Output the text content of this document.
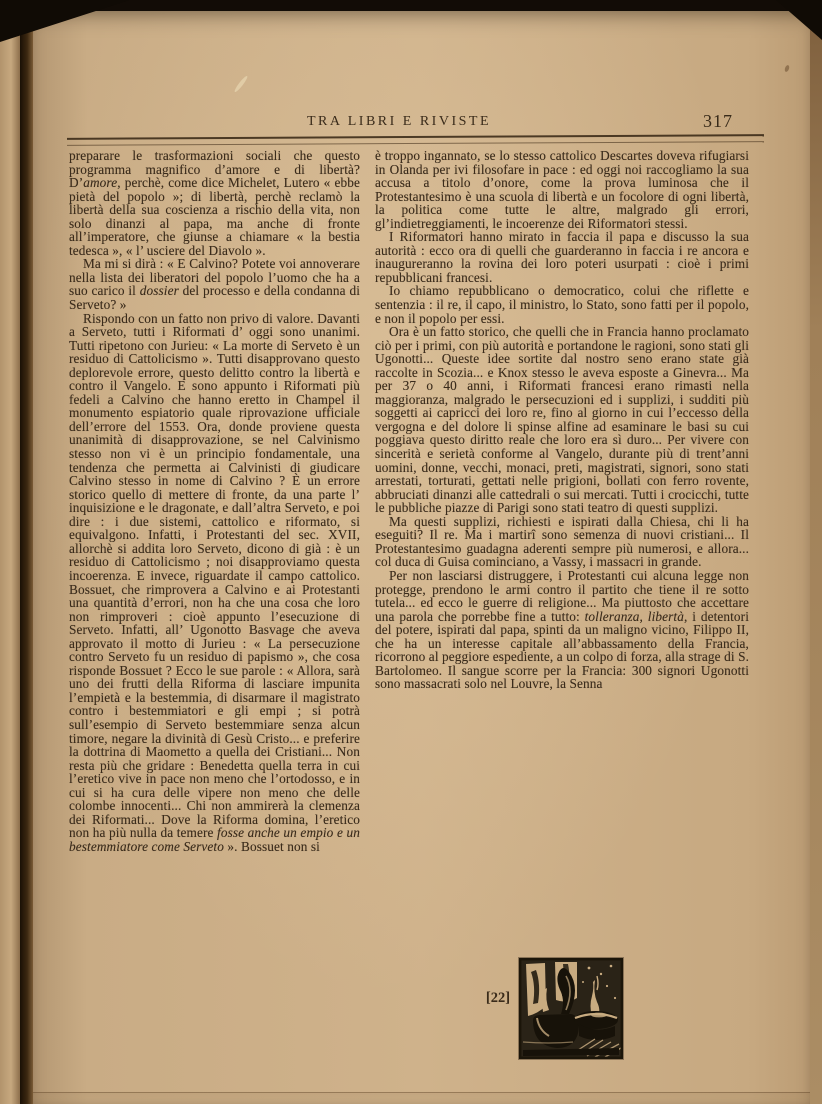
TRA LIBRI E RIVISTE	317

preparare le trasformazioni sociali che questo programma magnifico d’amore e di libertà? D’amore, perchè, come dice Michelet, Lutero « ebbe pietà del popolo »; di libertà, perchè reclamò la libertà della sua coscienza a rischio della vita, non solo dinanzi al papa, ma anche di fronte all’imperatore, che giunse a chiamare « la bestia tedesca », « l’ usciere del Diavolo ».

Ma mi si dirà : « E Calvino? Potete voi annoverare nella lista dei liberatori del popolo l’uomo che ha a suo carico il dossier del processo e della condanna di Serveto? »

Rispondo con un fatto non privo di valore. Davanti a Serveto, tutti i Riformati d’ oggi sono unanimi. Tutti ripetono con Jurieu: « La morte di Serveto è un residuo di Cattolicismo ». Tutti disapprovano questo deplorevole errore, questo delitto contro la libertà e contro il Vangelo. E sono appunto i Riformati più fedeli a Calvino che hanno eretto in Champel il monumento espiatorio quale riprovazione ufficiale dell’errore del 1553. Ora, donde proviene questa unanimità di disapprovazione, se nel Calvinismo stesso non vi è un principio fondamentale, una tendenza che permetta ai Calvinisti di giudicare Calvino stesso in nome di Calvino ? È un errore storico quello di mettere di fronte, da una parte l’ inquisizione e le dragonate, e dall’altra Serveto, e poi dire : i due sistemi, cattolico e riformato, si equivalgono. Infatti, i Protestanti del sec. XVII, allorchè si addita loro Serveto, dicono di già : è un residuo di Cattolicismo ; noi disapproviamo questa incoerenza. E invece, riguardate il campo cattolico. Bossuet, che rimprovera a Calvino e ai Protestanti una quantità d’errori, non ha che una cosa che loro non rimproveri : cioè appunto l’esecuzione di Serveto. Infatti, all’ Ugonotto Basvage che aveva approvato il motto di Jurieu : « La persecuzione contro Serveto fu un residuo di papismo », che cosa risponde Bossuet ? Ecco le sue parole : « Allora, sarà uno dei frutti della Riforma di lasciare impunita l’empietà e la bestemmia, di disarmare il magistrato contro i bestemmiatori e gli empi ; si potrà sull’esempio di Serveto bestemmiare senza alcun timore, negare la divinità di Gesù Cristo... e preferire la dottrina di Maometto a quella dei Cristiani... Non resta più che gridare : Benedetta quella terra in cui l’eretico vive in pace non meno che l’ortodosso, e in cui si ha cura delle vipere non meno che delle colombe innocenti... Chi non ammirerà la clemenza dei Riformati... Dove la Riforma domina, l’eretico non ha più nulla da temere fosse anche un empio e un bestemmiatore come Serveto ». Bossuet non si

è troppo ingannato, se lo stesso cattolico Descartes doveva rifugiarsi in Olanda per ivi filosofare in pace : ed oggi noi raccogliamo la sua accusa a titolo d’onore, come la prova luminosa che il Protestantesimo è una scuola di libertà e un focolore di ogni libertà, la politica come tutte le altre, malgrado gli errori, gl’indietreggiamenti, le incoerenze dei Riformatori stessi.

I Riformatori hanno mirato in faccia il papa e discusso la sua autorità : ecco ora di quelli che guarderanno in faccia i re ancora e inaugureranno la rovina dei loro poteri usurpati : cioè i primi repubblicani francesi.

Io chiamo repubblicano o democratico, colui che riflette e sentenzia : il re, il capo, il ministro, lo Stato, sono fatti per il popolo, e non il popolo per essi.

Ora è un fatto storico, che quelli che in Francia hanno proclamato ciò per i primi, con più autorità e portandone le ragioni, sono stati gli Ugonotti... Queste idee sortite dal nostro seno erano state già raccolte in Scozia... e Knox stesso le aveva esposte a Ginevra... Ma per 37 o 40 anni, i Riformati francesi erano rimasti nella maggioranza, malgrado le persecuzioni ed i supplizi, i sudditi più soggetti ai capricci dei loro re, fino al giorno in cui l’eccesso della vergogna e del dolore li spinse alfine ad esaminare le basi su cui poggiava questo diritto reale che loro era sì duro... Per vivere con sincerità e serietà conforme al Vangelo, durante più di trent’anni uomini, donne, vecchi, monaci, preti, magistrati, signori, sono stati arrestati, torturati, gettati nelle prigioni, bollati con ferro rovente, abbruciati dinanzi alle cattedrali o sui mercati. Tutti i crocicchi, tutte le pubbliche piazze di Parigi sono stati teatro di questi supplizi.

Ma questi supplizi, richiesti e ispirati dalla Chiesa, chi li ha eseguiti? Il re. Ma i martirî sono semenza di nuovi cristiani... Il Protestantesimo guadagna aderenti sempre più numerosi, e allora... col duca di Guisa cominciano, a Vassy, i massacri in grande.

Per non lasciarsi distruggere, i Protestanti cui alcuna legge non protegge, prendono le armi contro il partito che tiene il re sotto tutela... ed ecco le guerre di religione... Ma piuttosto che accettare una parola che porrebbe fine a tutto: tolleranza, libertà, i detentori del potere, ispirati dal papa, spinti da un maligno vicino, Filippo II, che ha un interesse capitale all’abbassamento della Francia, ricorrono al peggiore espediente, a un colpo di forza, alla strage di S. Bartolomeo. Il sangue scorre per la Francia: 300 signori Ugonotti sono massacrati solo nel Louvre, la Senna

[22]
